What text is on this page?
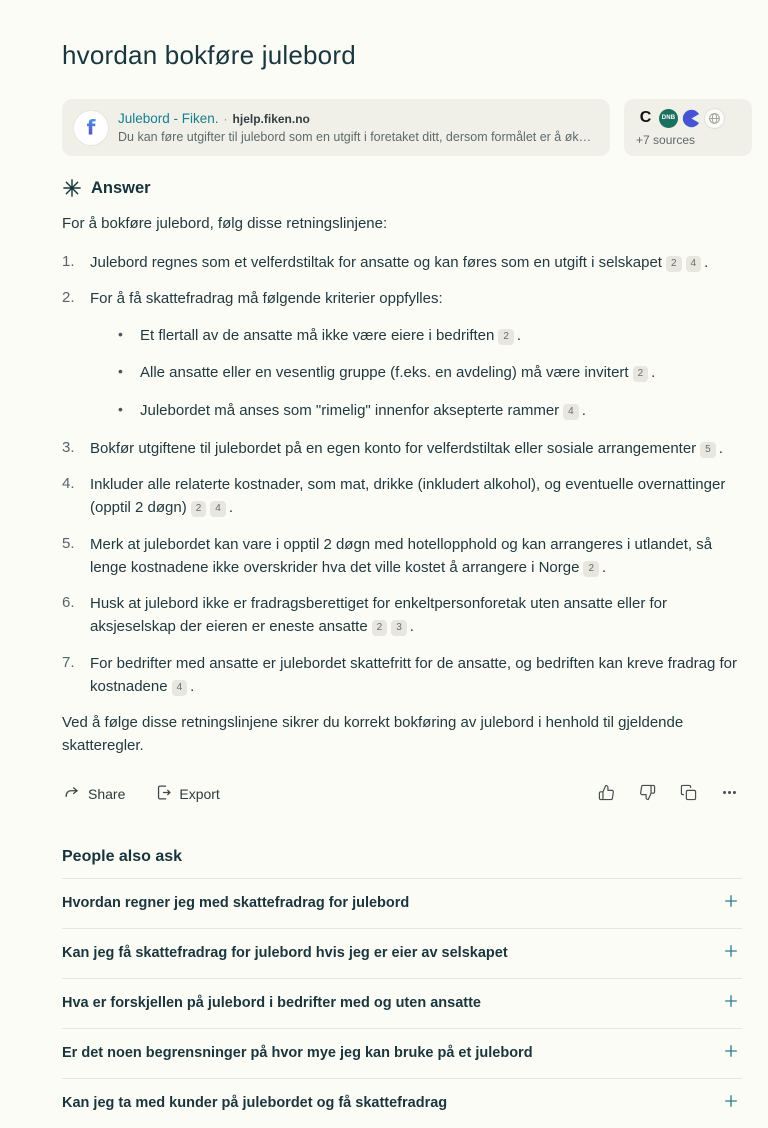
hvordan bokføre julebord
f Julebord - Fiken. · hjelp.fiken.no
Du kan føre utgifter til julebord som en utgift i foretaket ditt, dersom formålet er å øke…
C	DNB
+7 sources
Answer

For å bokføre julebord, følg disse retningslinjene:

1.	Julebord regnes som et velferdstiltak for ansatte og kan føres som en utgift i selskapet 2 4 .
2.	For å få skattefradrag må følgende kriterier oppfylles:
•	Et flertall av de ansatte må ikke være eiere i bedriften 2 .
•	Alle ansatte eller en vesentlig gruppe (f.eks. en avdeling) må være invitert 2 .
•	Julebordet må anses som "rimelig" innenfor aksepterte rammer 4 .
3.	Bokfør utgiftene til julebordet på en egen konto for velferdstiltak eller sosiale arrangementer 5 .
4.	Inkluder alle relaterte kostnader, som mat, drikke (inkludert alkohol), og eventuelle overnattinger (opptil 2 døgn) 2 4 .
5.	Merk at julebordet kan vare i opptil 2 døgn med hotellopphold og kan arrangeres i utlandet, så lenge kostnadene ikke overskrider hva det ville kostet å arrangere i Norge 2 .
6.	Husk at julebord ikke er fradragsberettiget for enkeltpersonforetak uten ansatte eller for aksjeselskap der eieren er eneste ansatte 2 3 .
7.	For bedrifter med ansatte er julebordet skattefritt for de ansatte, og bedriften kan kreve fradrag for kostnadene 4 .

Ved å følge disse retningslinjene sikrer du korrekt bokføring av julebord i henhold til gjeldende skatteregler.

Share	Export
People also ask
Hvordan regner jeg med skattefradrag for julebord
Kan jeg få skattefradrag for julebord hvis jeg er eier av selskapet
Hva er forskjellen på julebord i bedrifter med og uten ansatte
Er det noen begrensninger på hvor mye jeg kan bruke på et julebord
Kan jeg ta med kunder på julebordet og få skattefradrag
